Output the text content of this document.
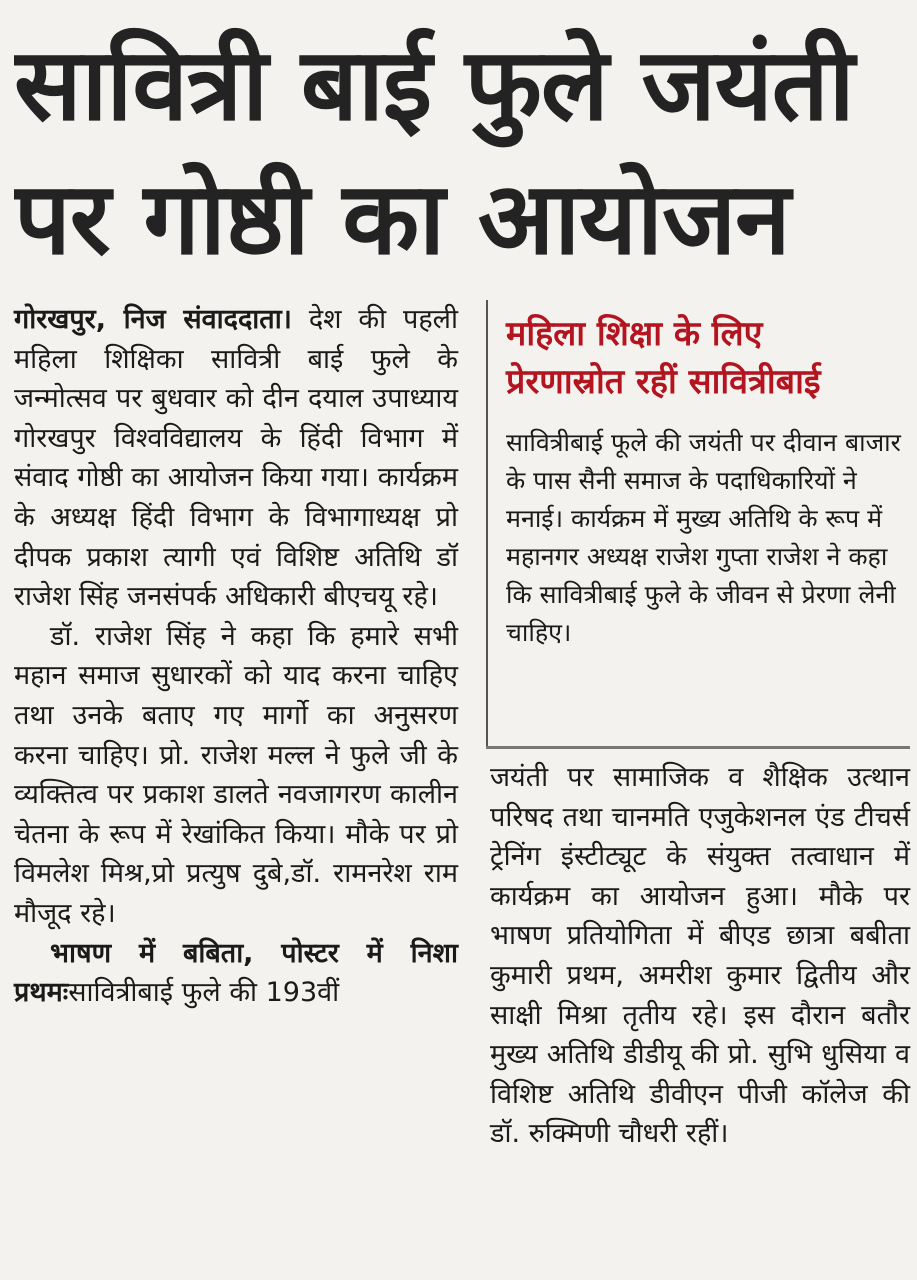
सावित्री बाई फुले जयंती
पर गोष्ठी का आयोजन

गोरखपुर, निज संवाददाता। देश की पहली महिला शिक्षिका सावित्री बाई फुले के जन्मोत्सव पर बुधवार को दीन दयाल उपाध्याय गोरखपुर विश्वविद्यालय के हिंदी विभाग में संवाद गोष्ठी का आयोजन किया गया। कार्यक्रम के अध्यक्ष हिंदी विभाग के विभागाध्यक्ष प्रो दीपक प्रकाश त्यागी एवं विशिष्ट अतिथि डॉ राजेश सिंह जनसंपर्क अधिकारी बीएचयू रहे।

डॉ. राजेश सिंह ने कहा कि हमारे सभी महान समाज सुधारकों को याद करना चाहिए तथा उनके बताए गए मार्गो का अनुसरण करना चाहिए। प्रो. राजेश मल्ल ने फुले जी के व्यक्तित्व पर प्रकाश डालते नवजागरण कालीन चेतना के रूप में रेखांकित किया। मौके पर प्रो विमलेश मिश्र,प्रो प्रत्युष दुबे,डॉ. रामनरेश राम मौजूद रहे।

भाषण में बबिता, पोस्टर में निशा प्रथमःसावित्रीबाई फुले की 193वीं

महिला शिक्षा के लिए
प्रेरणास्रोत रहीं सावित्रीबाई
सावित्रीबाई फूले की जयंती पर दीवान बाजार के पास सैनी समाज के पदाधिकारियों ने मनाई। कार्यक्रम में मुख्य अतिथि के रूप में महानगर अध्यक्ष राजेश गुप्ता राजेश ने कहा कि सावित्रीबाई फुले के जीवन से प्रेरणा लेनी चाहिए।

जयंती पर सामाजिक व शैक्षिक उत्थान परिषद तथा चानमति एजुकेशनल एंड टीचर्स ट्रेनिंग इंस्टीट्यूट के संयुक्त तत्वाधान में कार्यक्रम का आयोजन हुआ। मौके पर भाषण प्रतियोगिता में बीएड छात्रा बबीता कुमारी प्रथम, अमरीश कुमार द्वितीय और साक्षी मिश्रा तृतीय रहे। इस दौरान बतौर मुख्य अतिथि डीडीयू की प्रो. सुभि धुसिया व विशिष्ट अतिथि डीवीएन पीजी कॉलेज की डॉ. रुक्मिणी चौधरी रहीं।
